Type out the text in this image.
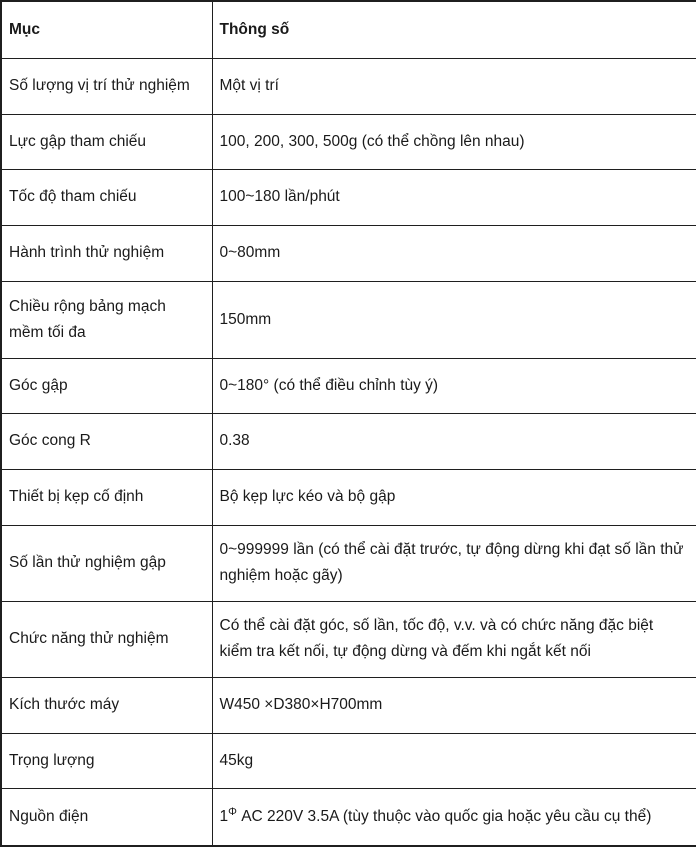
Mục	Thông số
Số lượng vị trí thử nghiệm	Một vị trí
Lực gập tham chiếu	100, 200, 300, 500g (có thể chồng lên nhau)
Tốc độ tham chiếu	100~180 lần/phút
Hành trình thử nghiệm	0~80mm
Chiều rộng bảng mạch mềm tối đa	150mm
Góc gập	0~180° (có thể điều chỉnh tùy ý)
Góc cong R	0.38
Thiết bị kẹp cố định	Bộ kẹp lực kéo và bộ gập
Số lần thử nghiệm gập	0~999999 lần (có thể cài đặt trước, tự động dừng khi đạt số lần thử nghiệm hoặc gãy)
Chức năng thử nghiệm	Có thể cài đặt góc, số lần, tốc độ, v.v. và có chức năng đặc biệt kiểm tra kết nối, tự động dừng và đếm khi ngắt kết nối
Kích thước máy	W450 ×D380×H700mm
Trọng lượng	45kg
Nguồn điện	$1^\Phi$ AC 220V 3.5A (tùy thuộc vào quốc gia hoặc yêu cầu cụ thể)
